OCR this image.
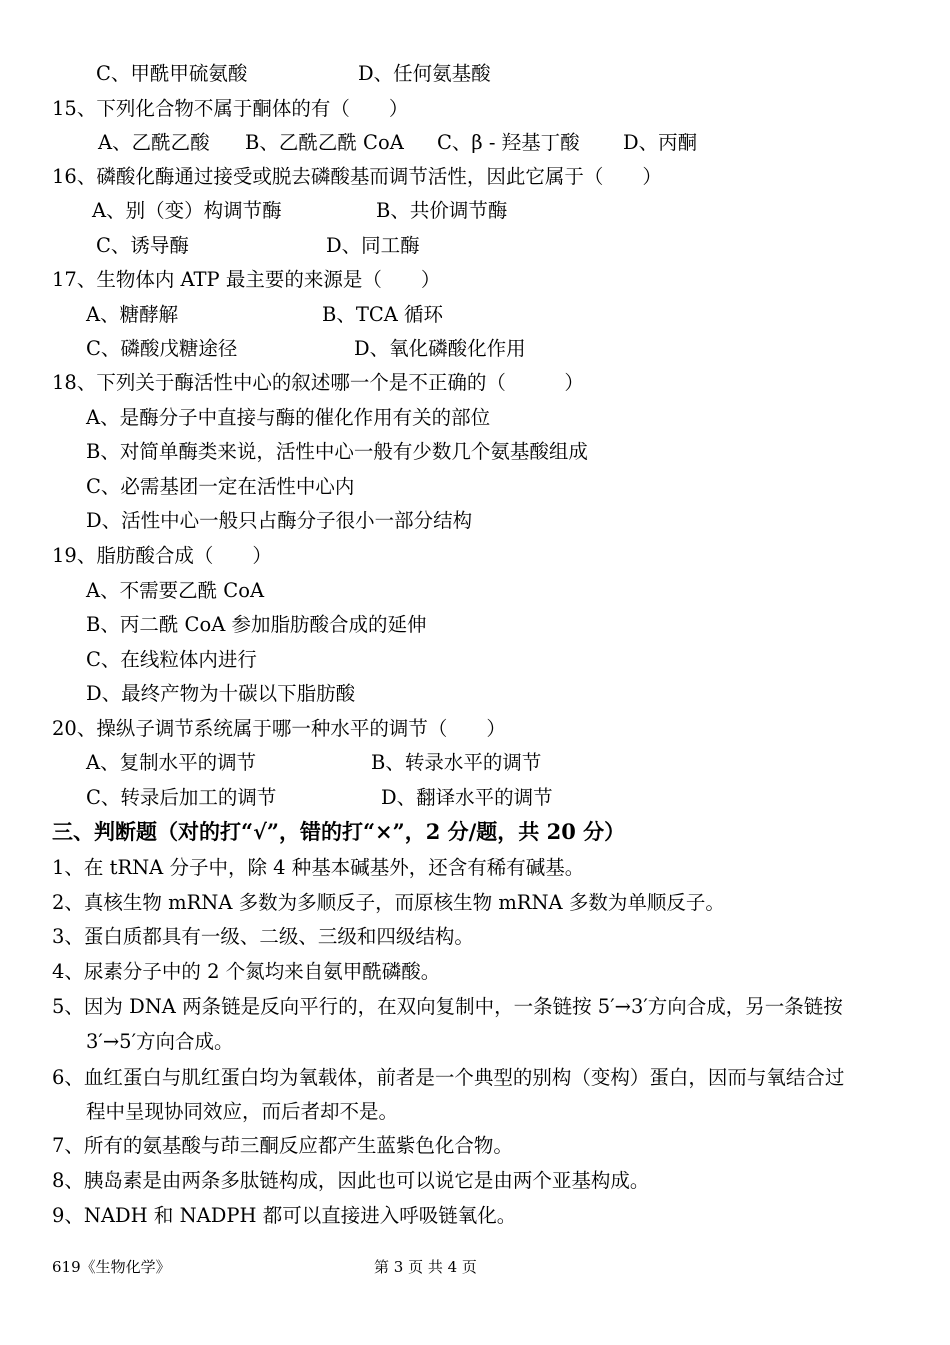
C、甲酰甲硫氨酸	D、任何氨基酸
15、下列化合物不属于酮体的有（　　）
A、乙酰乙酸 B、乙酰乙酰 CoA C、β - 羟基丁酸 D、丙酮
16、磷酸化酶通过接受或脱去磷酸基而调节活性，因此它属于（　　）
A、别（变）构调节酶	B、共价调节酶
C、诱导酶	D、同工酶
17、生物体内 ATP 最主要的来源是（　　）
A、糖酵解	B、TCA 循环
C、磷酸戊糖途径	D、氧化磷酸化作用
18、下列关于酶活性中心的叙述哪一个是不正确的（　　　）
A、是酶分子中直接与酶的催化作用有关的部位
B、对简单酶类来说，活性中心一般有少数几个氨基酸组成
C、必需基团一定在活性中心内
D、活性中心一般只占酶分子很小一部分结构
19、脂肪酸合成（　　）
A、不需要乙酰 CoA
B、丙二酰 CoA 参加脂肪酸合成的延伸
C、在线粒体内进行
D、最终产物为十碳以下脂肪酸
20、操纵子调节系统属于哪一种水平的调节（　　）
A、复制水平的调节	B、转录水平的调节
C、转录后加工的调节	D、翻译水平的调节
三、判断题（对的打“√”，错的打“×”，2 分/题，共 20 分）
1、在 tRNA 分子中，除 4 种基本碱基外，还含有稀有碱基。
2、真核生物 mRNA 多数为多顺反子，而原核生物 mRNA 多数为单顺反子。
3、蛋白质都具有一级、二级、三级和四级结构。
4、尿素分子中的 2 个氮均来自氨甲酰磷酸。
5、因为 DNA 两条链是反向平行的，在双向复制中，一条链按 5′→3′方向合成，另一条链按
3′→5′方向合成。
6、血红蛋白与肌红蛋白均为氧载体，前者是一个典型的别构（变构）蛋白，因而与氧结合过
程中呈现协同效应，而后者却不是。
7、所有的氨基酸与茚三酮反应都产生蓝紫色化合物。
8、胰岛素是由两条多肽链构成，因此也可以说它是由两个亚基构成。
9、NADH 和 NADPH 都可以直接进入呼吸链氧化。
619《生物化学》	第 3 页 共 4 页
